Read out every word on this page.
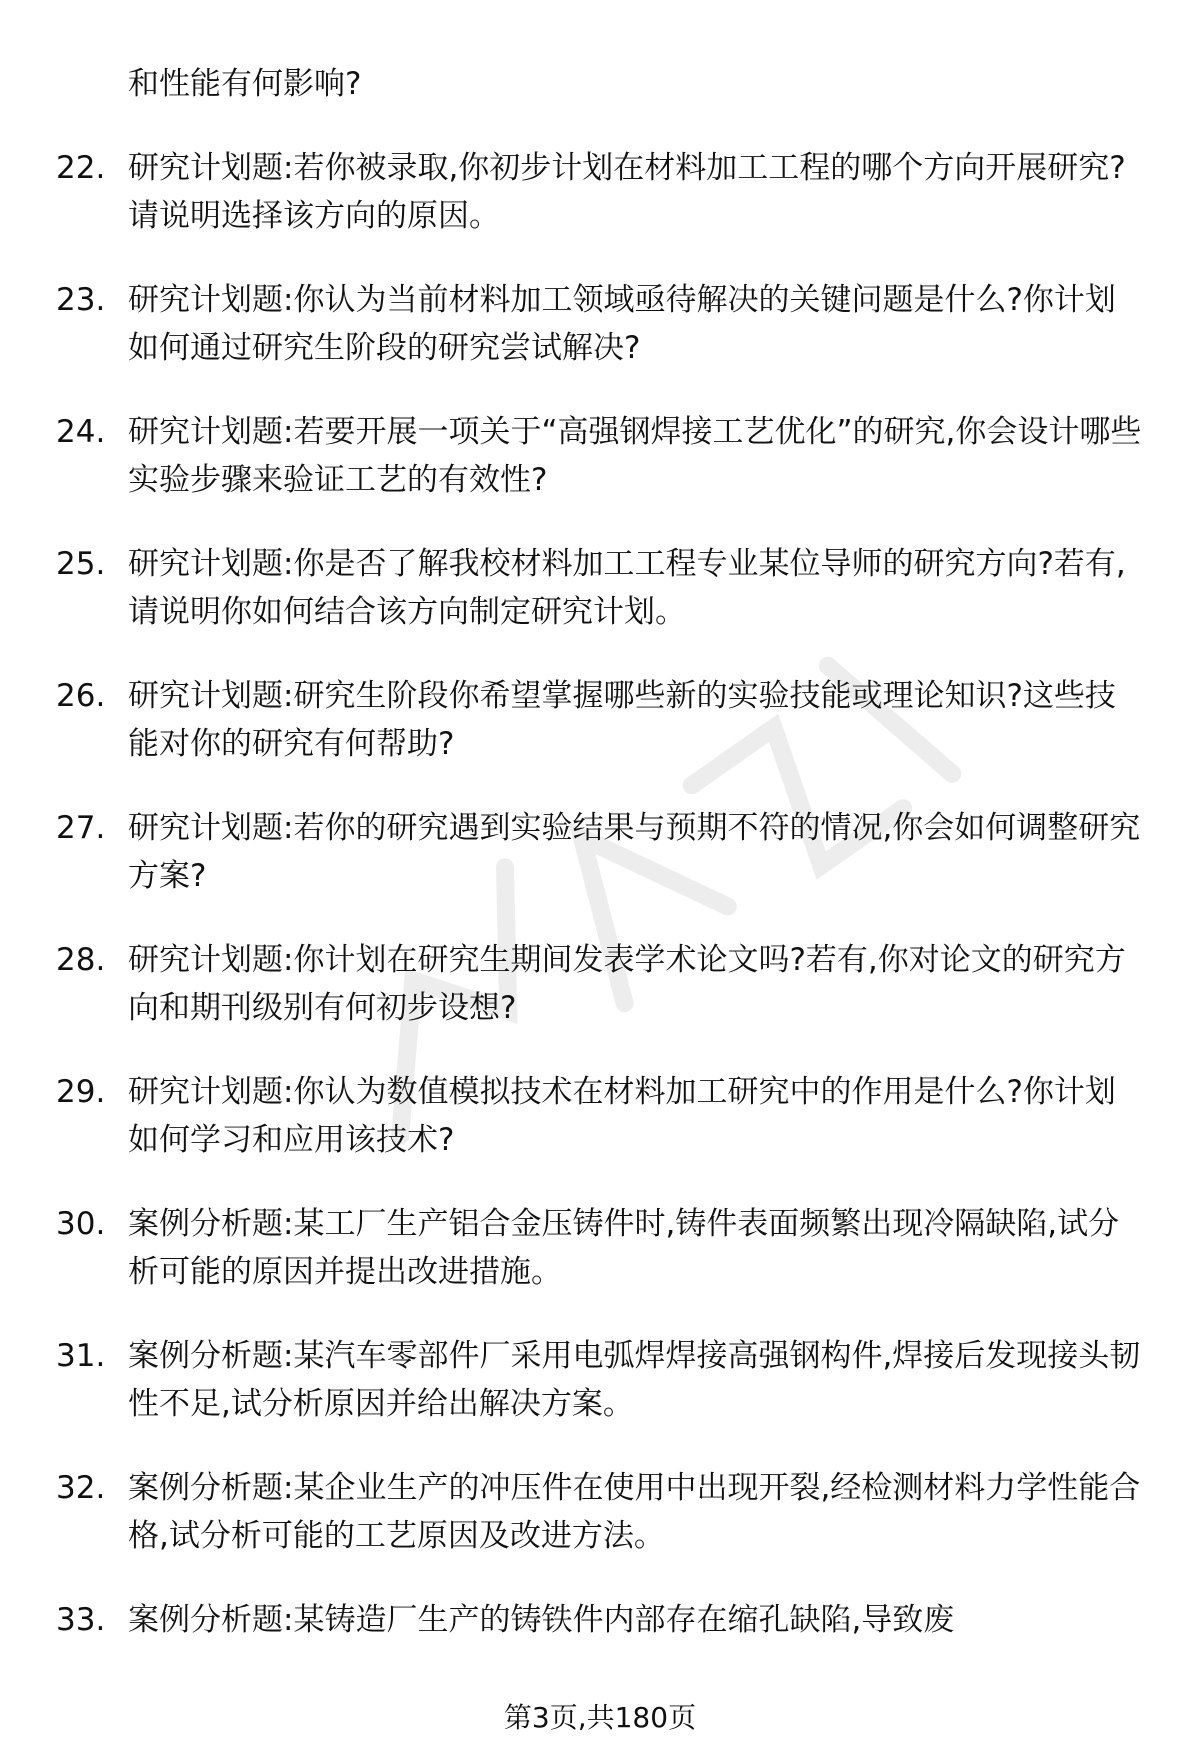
和性能有何影响?
22. 研究计划题:若你被录取,你初步计划在材料加工工程的哪个方向开展研究?请说明选择该方向的原因。
23. 研究计划题:你认为当前材料加工领域亟待解决的关键问题是什么?你计划如何通过研究生阶段的研究尝试解决?
24. 研究计划题:若要开展一项关于“高强钢焊接工艺优化”的研究,你会设计哪些实验步骤来验证工艺的有效性?
25. 研究计划题:你是否了解我校材料加工工程专业某位导师的研究方向?若有,请说明你如何结合该方向制定研究计划。
26. 研究计划题:研究生阶段你希望掌握哪些新的实验技能或理论知识?这些技能对你的研究有何帮助?
27. 研究计划题:若你的研究遇到实验结果与预期不符的情况,你会如何调整研究方案?
28. 研究计划题:你计划在研究生期间发表学术论文吗?若有,你对论文的研究方向和期刊级别有何初步设想?
29. 研究计划题:你认为数值模拟技术在材料加工研究中的作用是什么?你计划如何学习和应用该技术?
30. 案例分析题:某工厂生产铝合金压铸件时,铸件表面频繁出现冷隔缺陷,试分析可能的原因并提出改进措施。
31. 案例分析题:某汽车零部件厂采用电弧焊焊接高强钢构件,焊接后发现接头韧性不足,试分析原因并给出解决方案。
32. 案例分析题:某企业生产的冲压件在使用中出现开裂,经检测材料力学性能合格,试分析可能的工艺原因及改进方法。
33. 案例分析题:某铸造厂生产的铸铁件内部存在缩孔缺陷,导致废
第3页,共180页
